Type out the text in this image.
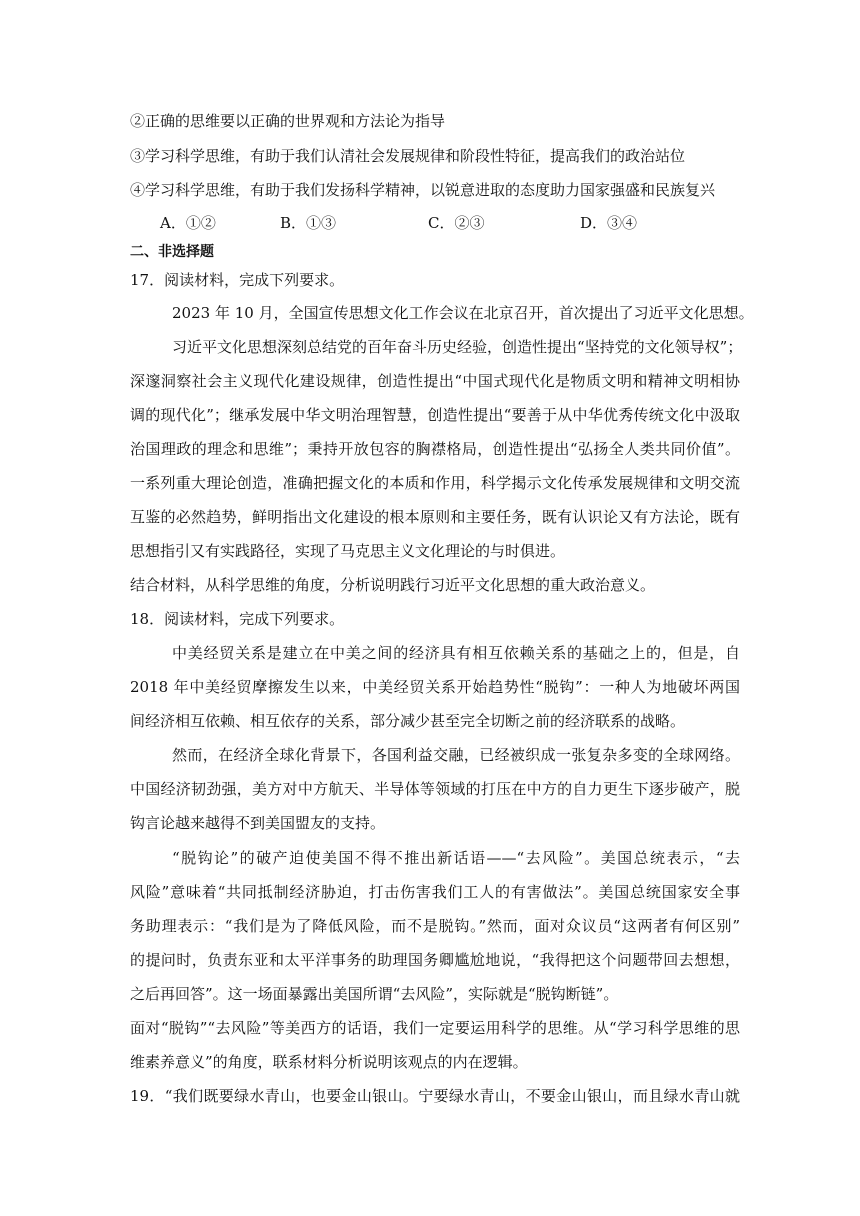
②正确的思维要以正确的世界观和方法论为指导
③学习科学思维，有助于我们认清社会发展规律和阶段性特征，提高我们的政治站位
④学习科学思维，有助于我们发扬科学精神，以锐意进取的态度助力国家强盛和民族复兴
A．①②	B．①③	C．②③	D．③④
二、非选择题
17．阅读材料，完成下列要求。
2023 年 10 月，全国宣传思想文化工作会议在北京召开，首次提出了习近平文化思想。
习近平文化思想深刻总结党的百年奋斗历史经验，创造性提出“坚持党的文化领导权”；
深邃洞察社会主义现代化建设规律，创造性提出“中国式现代化是物质文明和精神文明相协
调的现代化”；继承发展中华文明治理智慧，创造性提出“要善于从中华优秀传统文化中汲取
治国理政的理念和思维”；秉持开放包容的胸襟格局，创造性提出“弘扬全人类共同价值”。
一系列重大理论创造，准确把握文化的本质和作用，科学揭示文化传承发展规律和文明交流
互鉴的必然趋势，鲜明指出文化建设的根本原则和主要任务，既有认识论又有方法论，既有
思想指引又有实践路径，实现了马克思主义文化理论的与时俱进。
结合材料，从科学思维的角度，分析说明践行习近平文化思想的重大政治意义。
18．阅读材料，完成下列要求。
中美经贸关系是建立在中美之间的经济具有相互依赖关系的基础之上的，但是，自
2018 年中美经贸摩擦发生以来，中美经贸关系开始趋势性“脱钩”：一种人为地破坏两国
间经济相互依赖、相互依存的关系，部分减少甚至完全切断之前的经济联系的战略。
然而，在经济全球化背景下，各国利益交融，已经被织成一张复杂多变的全球网络。
中国经济韧劲强，美方对中方航天、半导体等领域的打压在中方的自力更生下逐步破产，脱
钩言论越来越得不到美国盟友的支持。
“脱钩论”的破产迫使美国不得不推出新话语——“去风险”。美国总统表示，“去
风险”意味着“共同抵制经济胁迫，打击伤害我们工人的有害做法”。美国总统国家安全事
务助理表示：“我们是为了降低风险，而不是脱钩。”然而，面对众议员“这两者有何区别”
的提问时，负责东亚和太平洋事务的助理国务卿尴尬地说，“我得把这个问题带回去想想，
之后再回答”。这一场面暴露出美国所谓“去风险”，实际就是“脱钩断链”。
面对“脱钩”“去风险”等美西方的话语，我们一定要运用科学的思维。从“学习科学思维的思
维素养意义”的角度，联系材料分析说明该观点的内在逻辑。
19．“我们既要绿水青山，也要金山银山。宁要绿水青山，不要金山银山，而且绿水青山就
